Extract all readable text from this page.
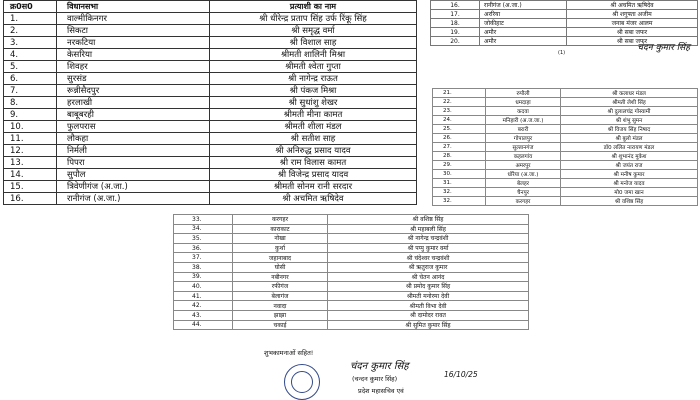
क्र0स0	विधानसभा	प्रत्याशी का नाम
1.	वाल्मीकिनगर	श्री धीरेन्द्र प्रताप सिंह उर्फ रिंकू सिंह
2.	सिकटा	श्री समृद्ध वर्मा
3.	नरकटिया	श्री विशाल साह
4.	केसरिया	श्रीमती शालिनी मिश्रा
5.	शिवहर	श्रीमती श्वेता गुप्ता
6.	सुरसंड	श्री नागेन्द्र राऊत
7.	रून्नीसैदपुर	श्री पंकज मिश्रा
8.	हरलाखी	श्री सुधांशु शेखर
9.	बाबूबरही	श्रीमती मीना कामत
10.	फुलपरास	श्रीमती शीला मंडल
11.	लौकहा	श्री सतीश साह
12.	निर्मली	श्री अनिरुद्ध प्रसाद यादव
13.	पिपरा	श्री राम विलास कामत
14.	सुपौल	श्री विजेन्द्र प्रसाद यादव
15.	त्रिवेणीगंज (अ.जा.)	श्रीमती सोनम रानी सरदार
16.	रानीगंज (अ.जा.)	श्री अचमित ऋषिदेव
16.	रानीगंज (अ.जा.)	श्री अचमित ऋषिदेव
17.	अररिया	श्री शगुफ्ता अजीम
18.	जोकीहाट	जनाब मंजर आलम
19.	अमौर	श्री सबा जफर
20.	अमौर	श्री सबा जफर
(1)	चंदन कुमार सिंह
21.	रुपौली	श्री कलाधर मंडल
22.	धमदाहा	श्रीमती लेशी सिंह
23.	कदवा	श्री दुलालचंद्र गोस्वामी
24.	मनिहारी (अ.ज.जा.)	श्री शंभु सुमन
25.	बरारी	श्री विजय सिंह निषाद
26.	गोपालपुर	श्री बुलो मंडल
27.	सुल्तानगंज	डॉ0 ललित नारायण मंडल
28.	कहलगांव	श्री शुभानंद मुकेश
29.	अमरपुर	श्री जयंत राज
30.	धोरैया (अ.जा.)	श्री मनीष कुमार
31.	बेलहर	श्री मनोज यादव
32.	चैनपुर	मो0 जमा खान
32.	करगहर	श्री वशिष्ठ सिंह
33.	करगहर	श्री वशिष्ठ सिंह
34.	काराकाट	श्री महाबली सिंह
35.	नोखा	श्री नागेन्द्र चन्द्रवंशी
36.	कुर्था	श्री पप्पु कुमार वर्मा
37.	जहानाबाद	श्री चंदेश्वर चन्द्रवंशी
38.	घोसी	श्री ऋतुराज कुमार
39.	नबीनगर	श्री चेतन आनंद
40.	रफीगंज	श्री प्रमोद कुमार सिंह
41.	बेलागंज	श्रीमती मनोरमा देवी
42.	नवादा	श्रीमती विभा देवी
43.	झाझा	श्री दामोदर रावत
44.	चकाई	श्री सुमित कुमार सिंह
शुभकामनाओं सहित!
चंदन कुमार सिंह
16/10/25
(चन्दन कुमार सिंह)
प्रदेश महासचिव एवं
